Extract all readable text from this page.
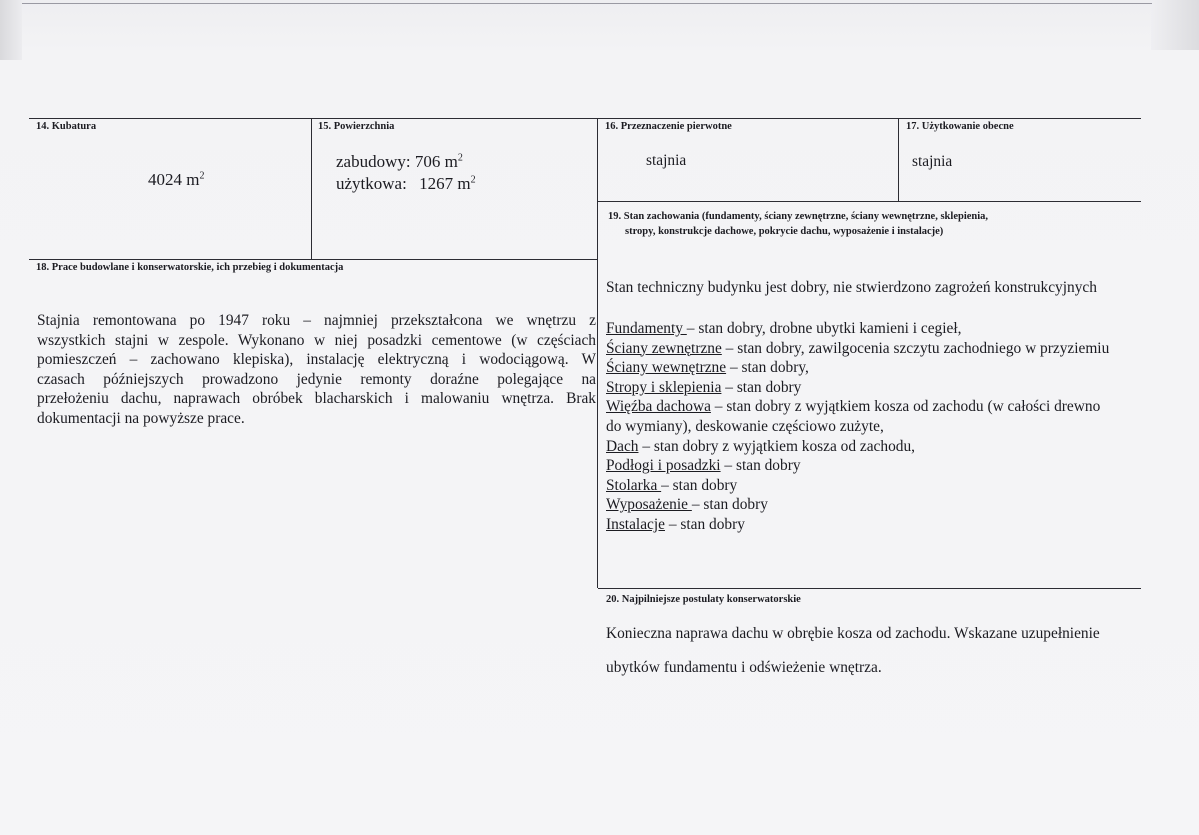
14. Kubatura
4024 $m^2$
15. Powierzchnia
zabudowy: 706 $m^2$
użytkowa: 1267 $m^2$
16. Przeznaczenie pierwotne
stajnia
17. Użytkowanie obecne
stajnia
19. Stan zachowania (fundamenty, ściany zewnętrzne, ściany wewnętrzne, sklepienia,
stropy, konstrukcje dachowe, pokrycie dachu, wyposażenie i instalacje)
Stan techniczny budynku jest dobry, nie stwierdzono zagrożeń konstrukcyjnych
Fundamenty – stan dobry, drobne ubytki kamieni i cegieł,
Ściany zewnętrzne – stan dobry, zawilgocenia szczytu zachodniego w przyziemiu
Ściany wewnętrzne – stan dobry,
Stropy i sklepienia – stan dobry
Więźba dachowa – stan dobry z wyjątkiem kosza od zachodu (w całości drewno
do wymiany), deskowanie częściowo zużyte,
Dach – stan dobry z wyjątkiem kosza od zachodu,
Podłogi i posadzki – stan dobry
Stolarka – stan dobry
Wyposażenie – stan dobry
Instalacje – stan dobry
18. Prace budowlane i konserwatorskie, ich przebieg i dokumentacja
Stajnia remontowana po 1947 roku – najmniej przekształcona we wnętrzu z
wszystkich stajni w zespole. Wykonano w niej posadzki cementowe (w częściach
pomieszczeń – zachowano klepiska), instalację elektryczną i wodociągową. W
czasach późniejszych prowadzono jedynie remonty doraźne polegające na
przełożeniu dachu, naprawach obróbek blacharskich i malowaniu wnętrza. Brak
dokumentacji na powyższe prace.
20. Najpilniejsze postulaty konserwatorskie
Konieczna naprawa dachu w obrębie kosza od zachodu. Wskazane uzupełnienie
ubytków fundamentu i odświeżenie wnętrza.
